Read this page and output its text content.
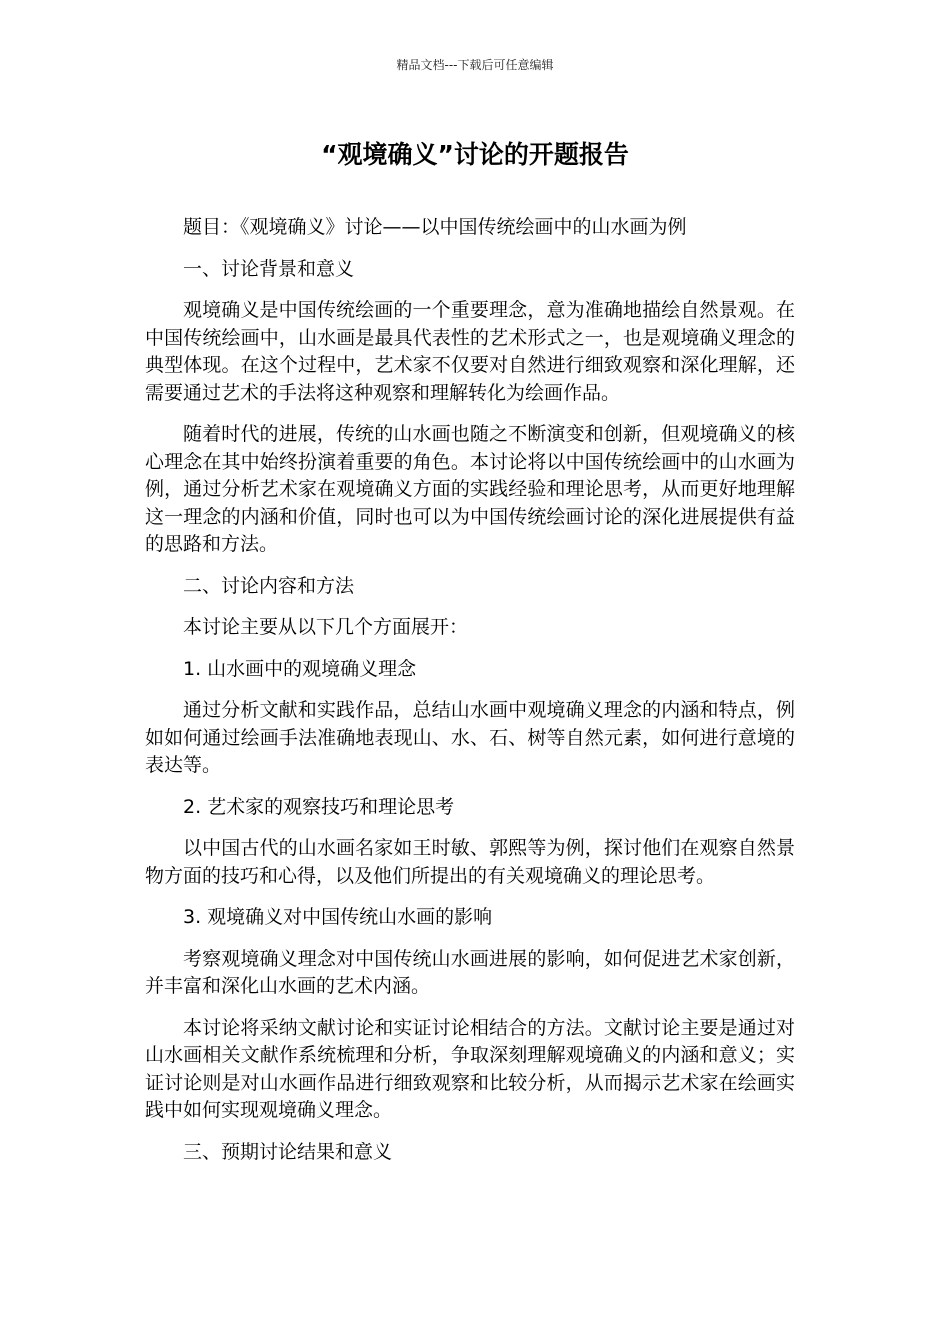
精品文档---下载后可任意编辑
“观境确义”讨论的开题报告

题目：《观境确义》讨论——以中国传统绘画中的山水画为例

一、讨论背景和意义

观境确义是中国传统绘画的一个重要理念，意为准确地描绘自然景观。在中国传统绘画中，山水画是最具代表性的艺术形式之一，也是观境确义理念的典型体现。在这个过程中，艺术家不仅要对自然进行细致观察和深化理解，还需要通过艺术的手法将这种观察和理解转化为绘画作品。

随着时代的进展，传统的山水画也随之不断演变和创新，但观境确义的核心理念在其中始终扮演着重要的角色。本讨论将以中国传统绘画中的山水画为例，通过分析艺术家在观境确义方面的实践经验和理论思考，从而更好地理解这一理念的内涵和价值，同时也可以为中国传统绘画讨论的深化进展提供有益的思路和方法。

二、讨论内容和方法

本讨论主要从以下几个方面展开：

1. 山水画中的观境确义理念

通过分析文献和实践作品，总结山水画中观境确义理念的内涵和特点，例如如何通过绘画手法准确地表现山、水、石、树等自然元素，如何进行意境的表达等。

2. 艺术家的观察技巧和理论思考

以中国古代的山水画名家如王时敏、郭熙等为例，探讨他们在观察自然景物方面的技巧和心得，以及他们所提出的有关观境确义的理论思考。

3. 观境确义对中国传统山水画的影响

考察观境确义理念对中国传统山水画进展的影响，如何促进艺术家创新，并丰富和深化山水画的艺术内涵。

本讨论将采纳文献讨论和实证讨论相结合的方法。文献讨论主要是通过对山水画相关文献作系统梳理和分析，争取深刻理解观境确义的内涵和意义；实证讨论则是对山水画作品进行细致观察和比较分析，从而揭示艺术家在绘画实践中如何实现观境确义理念。

三、预期讨论结果和意义
